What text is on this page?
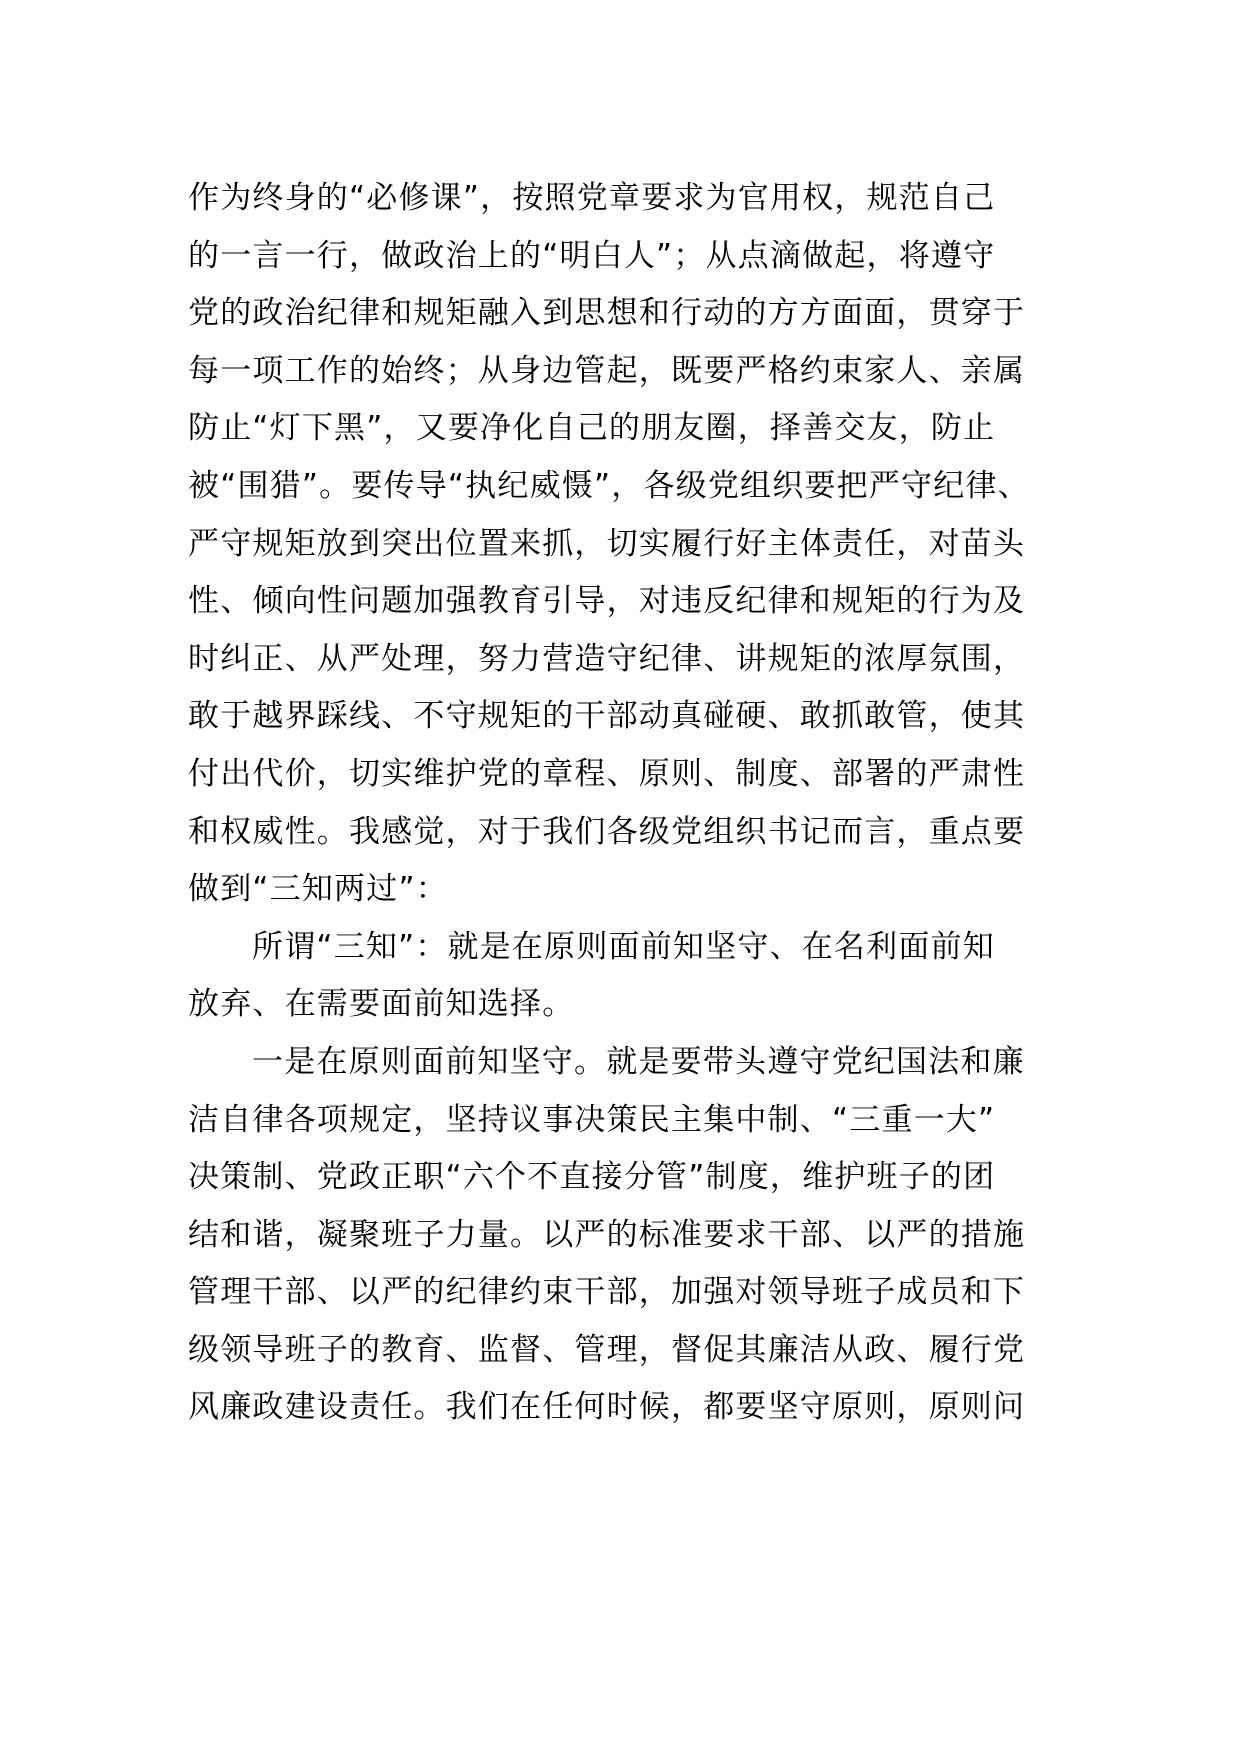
作为终身的“必修课”，按照党章要求为官用权，规范自己
的一言一行，做政治上的“明白人”；从点滴做起，将遵守
党的政治纪律和规矩融入到思想和行动的方方面面，贯穿于
每一项工作的始终；从身边管起，既要严格约束家人、亲属
防止“灯下黑”，又要净化自己的朋友圈，择善交友，防止
被“围猎”。要传导“执纪威慑”，各级党组织要把严守纪律、
严守规矩放到突出位置来抓，切实履行好主体责任，对苗头
性、倾向性问题加强教育引导，对违反纪律和规矩的行为及
时纠正、从严处理，努力营造守纪律、讲规矩的浓厚氛围，
敢于越界踩线、不守规矩的干部动真碰硬、敢抓敢管，使其
付出代价，切实维护党的章程、原则、制度、部署的严肃性
和权威性。我感觉，对于我们各级党组织书记而言，重点要
做到“三知两过”：
所谓“三知”：就是在原则面前知坚守、在名利面前知
放弃、在需要面前知选择。
一是在原则面前知坚守。就是要带头遵守党纪国法和廉
洁自律各项规定，坚持议事决策民主集中制、“三重一大”
决策制、党政正职“六个不直接分管”制度，维护班子的团
结和谐，凝聚班子力量。以严的标准要求干部、以严的措施
管理干部、以严的纪律约束干部，加强对领导班子成员和下
级领导班子的教育、监督、管理，督促其廉洁从政、履行党
风廉政建设责任。我们在任何时候，都要坚守原则，原则问
